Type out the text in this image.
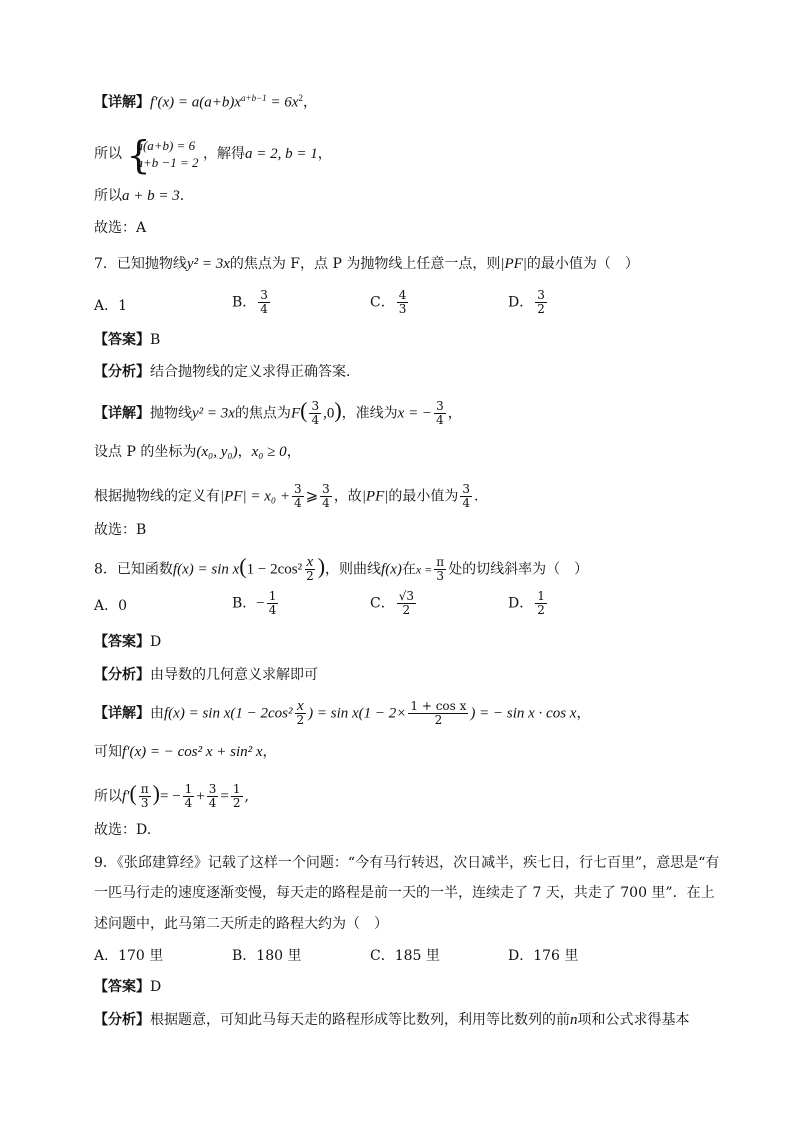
【详解】$f'(x) = a(a+b)x^{a+b-1} = 6x^2$，
所以 {
a(a+b) = 6
a+b −1 = 2
，解得a = 2, b = 1，
所以a + b = 3.
故选：A
7．已知抛物线y² = 3x的焦点为 F，点 P 为抛物线上任意一点，则|PF|的最小值为（　）
A．1	B． $\frac{3}{4}$	C． $\frac{4}{3}$	D． $\frac{3}{2}$
【答案】B
【分析】结合抛物线的定义求得正确答案.
【详解】抛物线y² = 3x的焦点为$F( \frac{3}{4} ,0)$，准线为x = − $\frac{3}{4}$ ，
设点 P 的坐标为(x₀, y₀)，x₀ ≥ 0，
根据抛物线的定义有$|PF| = x_0 + \frac{3}{4}$ ⩾ $\frac{3}{4}$ ，故|PF|的最小值为 $\frac{3}{4}$ .
故选：B
8．已知函数$f(x) = \sin x(1 - 2\cos^2 \frac{x}{2}$ )，则曲线f(x)在$x = \frac{\pi}{3}$ 处的切线斜率为（　）
A．0	B．− $\frac{1}{4}$	C． $\frac{√3}{2}$	D． $\frac{1}{2}$
【答案】D
【分析】由导数的几何意义求解即可
【详解】由$f(x) = \sin x(1 - 2\cos^2 \frac{x}{2}$ ) = $\sin x(1 - 2\times \frac{\text{1 + cos x}}{2}$ ) = − sin x · cos x，
可知f′(x) = − cos² x + sin² x，
所以$f'( \frac{\pi}{3}$ )= − $\frac{1}{4} + \frac{3}{4} = \frac{1}{2}$ ,
故选：D.
9．《张邱建算经》记载了这样一个问题：“今有马行转迟，次日减半，疾七日，行七百里”，意思是“有
一匹马行走的速度逐渐变慢，每天走的路程是前一天的一半，连续走了 7 天，共走了 700 里”．在上
述问题中，此马第二天所走的路程大约为（　）
A．170 里	B．180 里	C．185 里	D．176 里
【答案】D
【分析】根据题意，可知此马每天走的路程形成等比数列，利用等比数列的前n项和公式求得基本
